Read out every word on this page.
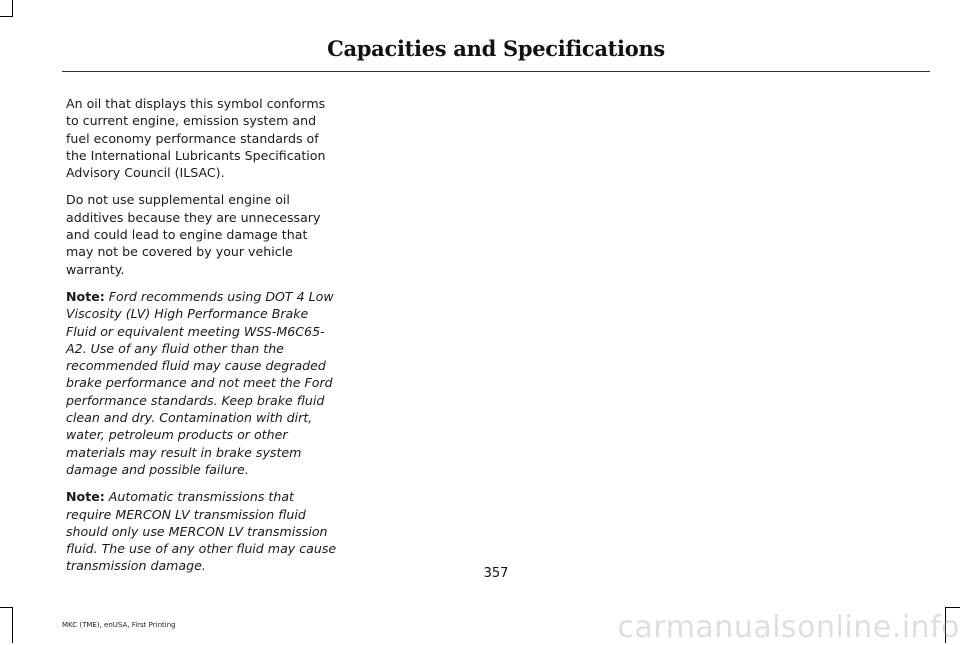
Capacities and Specifications

An oil that displays this symbol conforms to current engine, emission system and fuel economy performance standards of the International Lubricants Specification Advisory Council (ILSAC).

Do not use supplemental engine oil additives because they are unnecessary and could lead to engine damage that may not be covered by your vehicle warranty.

Note: Ford recommends using DOT 4 Low Viscosity (LV) High Performance Brake Fluid or equivalent meeting WSS-M6C65-A2. Use of any fluid other than the recommended fluid may cause degraded brake performance and not meet the Ford performance standards. Keep brake fluid clean and dry. Contamination with dirt, water, petroleum products or other materials may result in brake system damage and possible failure.

Note: Automatic transmissions that require MERCON LV transmission fluid should only use MERCON LV transmission fluid. The use of any other fluid may cause transmission damage.

357
MKC (TME), enUSA, First Printing	carmanualsonline.info
